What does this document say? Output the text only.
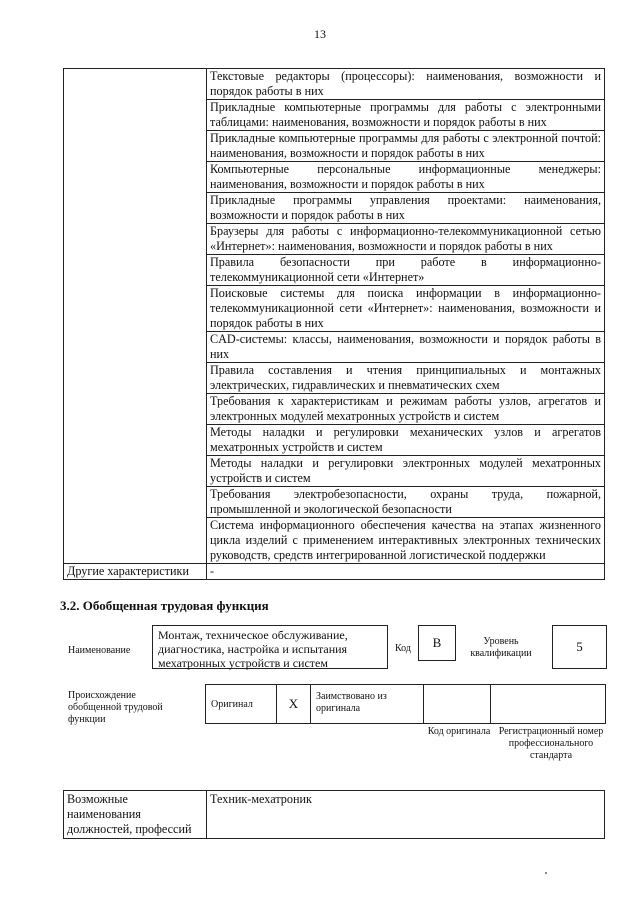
13
	Текстовые редакторы (процессоры): наименования, возможности и порядок работы в них
	Прикладные компьютерные программы для работы с электронными таблицами: наименования, возможности и порядок работы в них
	Прикладные компьютерные программы для работы с электронной почтой: наименования, возможности и порядок работы в них
	Компьютерные персональные информационные менеджеры: наименования, возможности и порядок работы в них
	Прикладные программы управления проектами: наименования, возможности и порядок работы в них
	Браузеры для работы с информационно-телекоммуникационной сетью «Интернет»: наименования, возможности и порядок работы в них
	Правила безопасности при работе в информационно-телекоммуникационной сети «Интернет»
	Поисковые системы для поиска информации в информационно-телекоммуникационной сети «Интернет»: наименования, возможности и порядок работы в них
	CAD-системы: классы, наименования, возможности и порядок работы в них
	Правила составления и чтения принципиальных и монтажных электрических, гидравлических и пневматических схем
	Требования к характеристикам и режимам работы узлов, агрегатов и электронных модулей мехатронных устройств и систем
	Методы наладки и регулировки механических узлов и агрегатов мехатронных устройств и систем
	Методы наладки и регулировки электронных модулей мехатронных устройств и систем
	Требования электробезопасности, охраны труда, пожарной, промышленной и экологической безопасности
	Система информационного обеспечения качества на этапах жизненного цикла изделий с применением интерактивных электронных технических руководств, средств интегрированной логистической поддержки
Другие характеристики	-
3.2. Обобщенная трудовая функция
Наименование
Монтаж, техническое обслуживание, диагностика, настройка и испытания мехатронных устройств и систем
Код	B	Уровень квалификации	5
Происхождение обобщенной трудовой функции
Оригинал	X	Заимствовано из оригинала
Код оригинала Регистрационный номер профессионального стандарта
Возможные наименования должностей, профессий	Техник-мехатроник
